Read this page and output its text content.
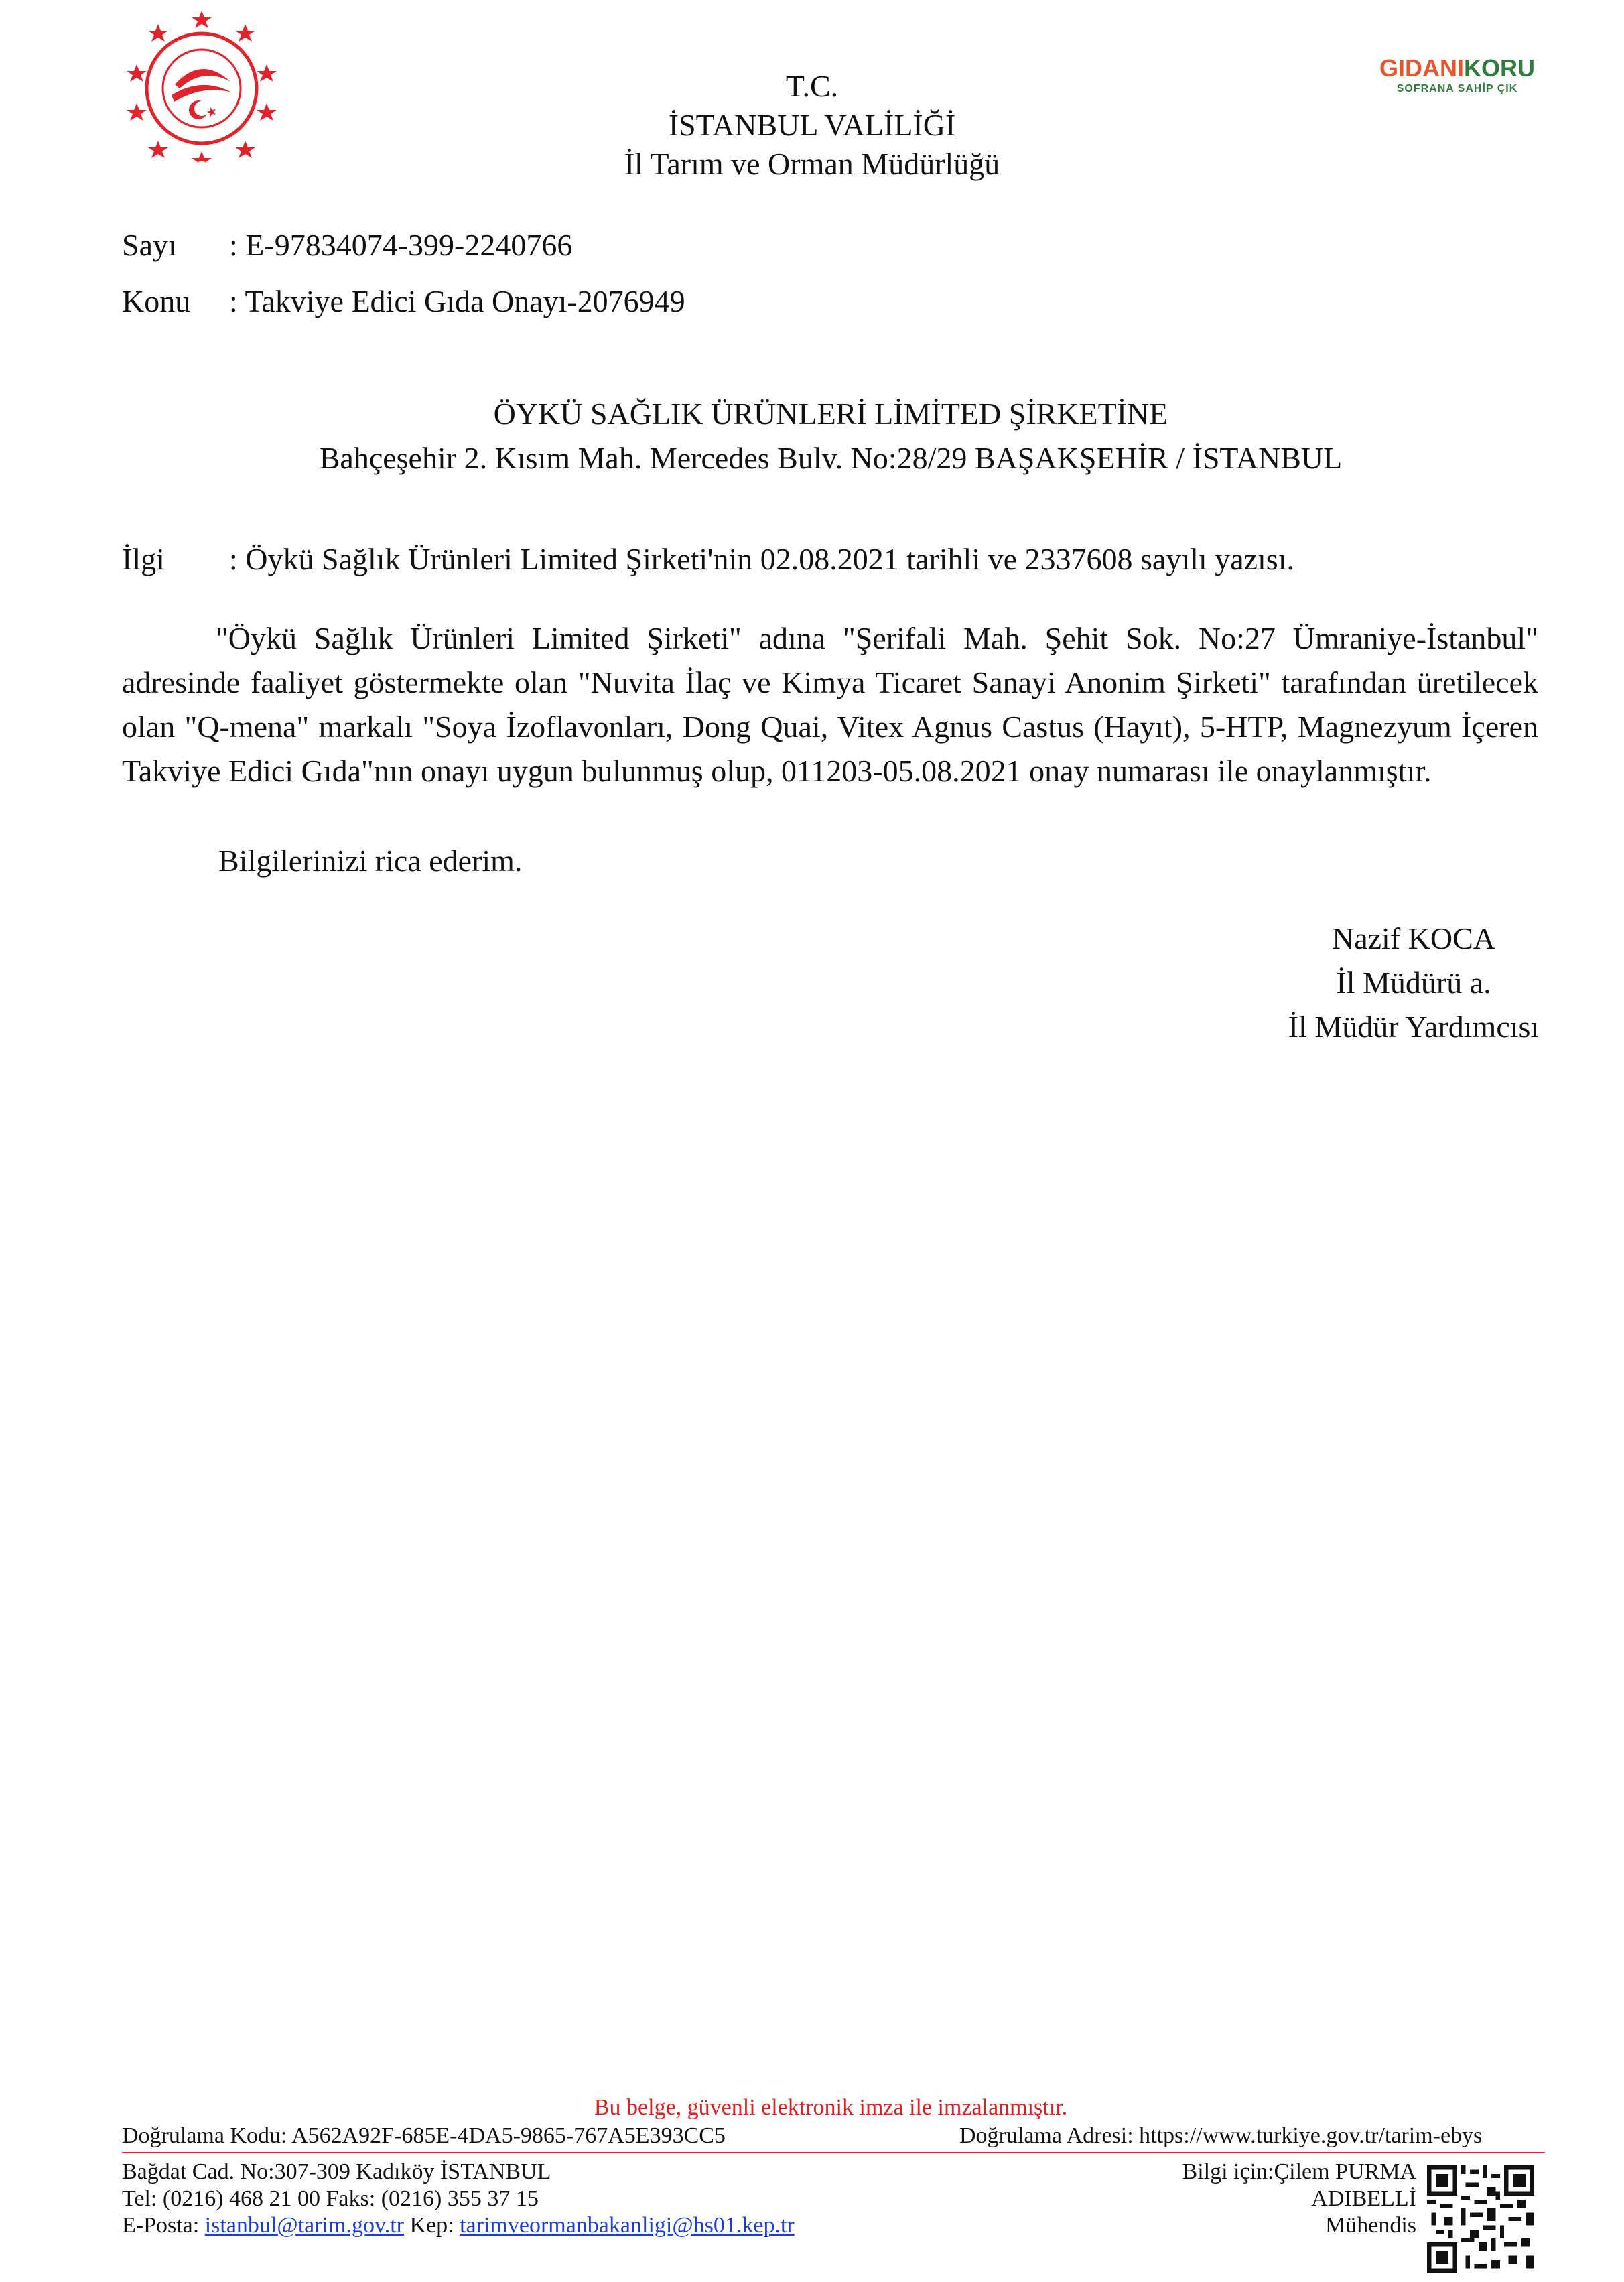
T.C.
İSTANBUL VALİLİĞİ
İl Tarım ve Orman Müdürlüğü
GIDANIKORU
SOFRANA SAHİP ÇIK
Sayı : E-97834074-399-2240766
Konu : Takviye Edici Gıda Onayı-2076949
ÖYKÜ SAĞLIK ÜRÜNLERİ LİMİTED ŞİRKETİNE
Bahçeşehir 2. Kısım Mah. Mercedes Bulv. No:28/29 BAŞAKŞEHİR / İSTANBUL
İlgi : Öykü Sağlık Ürünleri Limited Şirketi'nin 02.08.2021 tarihli ve 2337608 sayılı yazısı.
"Öykü Sağlık Ürünleri Limited Şirketi" adına "Şerifali Mah. Şehit Sok. No:27 Ümraniye-İstanbul" adresinde faaliyet göstermekte olan "Nuvita İlaç ve Kimya Ticaret Sanayi Anonim Şirketi" tarafından üretilecek olan "Q-mena" markalı "Soya İzoflavonları, Dong Quai, Vitex Agnus Castus (Hayıt), 5-HTP, Magnezyum İçeren Takviye Edici Gıda"nın onayı uygun bulunmuş olup, 011203-05.08.2021 onay numarası ile onaylanmıştır.
Bilgilerinizi rica ederim.
Nazif KOCA
İl Müdürü a.
İl Müdür Yardımcısı
Bu belge, güvenli elektronik imza ile imzalanmıştır.
Doğrulama Kodu: A562A92F-685E-4DA5-9865-767A5E393CC5	Doğrulama Adresi: https://www.turkiye.gov.tr/tarim-ebys
Bağdat Cad. No:307-309 Kadıköy İSTANBUL
Tel: (0216) 468 21 00 Faks: (0216) 355 37 15
E-Posta: istanbul@tarim.gov.tr Kep: tarimveormanbakanligi@hs01.kep.tr
Bilgi için:Çilem PURMA
ADIBELLİ
Mühendis
